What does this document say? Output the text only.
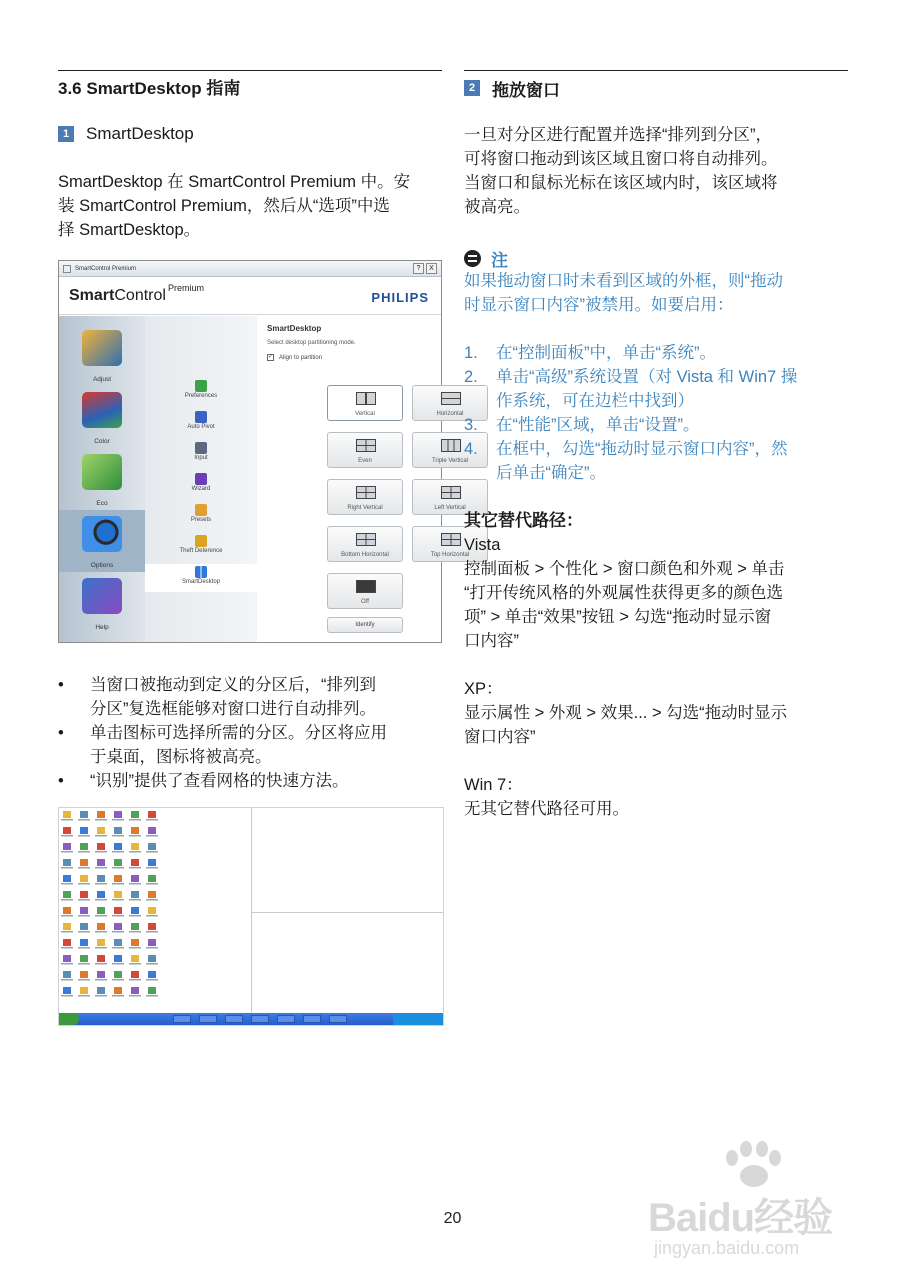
3.6 SmartDesktop 指南
1 SmartDesktop
SmartDesktop 在 SmartControl Premium 中。安
装 SmartControl Premium，然后从“选项”中选
择 SmartDesktop。
SmartControl Premium	?	X
SmartControl $^{Premium}$
PHILIPS
Adjust
Color
Eco
Options
Help
Preferences
Auto Pivot
Input
Wizard
Presets
Theft Deterence
SmartDesktop
SmartDesktop
Select desktop partitioning mode.
✓ Align to partition
Vertical	Horizontal
Even	Triple Vertical
Right Vertical	Left Vertical
Bottom Horizontal	Top Horizontal
Off
Identify
• 当窗口被拖动到定义的分区后，“排列到
分区”复选框能够对窗口进行自动排列。
• 单击图标可选择所需的分区。分区将应用
于桌面，图标将被高亮。
• “识别”提供了查看网格的快速方法。
2 拖放窗口
一旦对分区进行配置并选择“排列到分区”，
可将窗口拖动到该区域且窗口将自动排列。
当窗口和鼠标光标在该区域内时，该区域将
被高亮。
注
如果拖动窗口时未看到区域的外框，则“拖动
时显示窗口内容”被禁用。如要启用：
1. 在“控制面板”中，单击“系统”。
2. 单击“高级”系统设置（对 Vista 和 Win7 操
作系统，可在边栏中找到）
3. 在“性能”区域，单击“设置”。
4. 在框中，勾选“拖动时显示窗口内容”，然
后单击“确定”。
其它替代路径：
Vista
控制面板 > 个性化 > 窗口颜色和外观 > 单击
“打开传统风格的外观属性获得更多的颜色选
项” > 单击“效果”按钮 > 勾选“拖动时显示窗
口内容”
XP：
显示属性 > 外观 > 效果... > 勾选“拖动时显示
窗口内容”
Win 7：
无其它替代路径可用。
20	Baidu经验
jingyan.baidu.com
